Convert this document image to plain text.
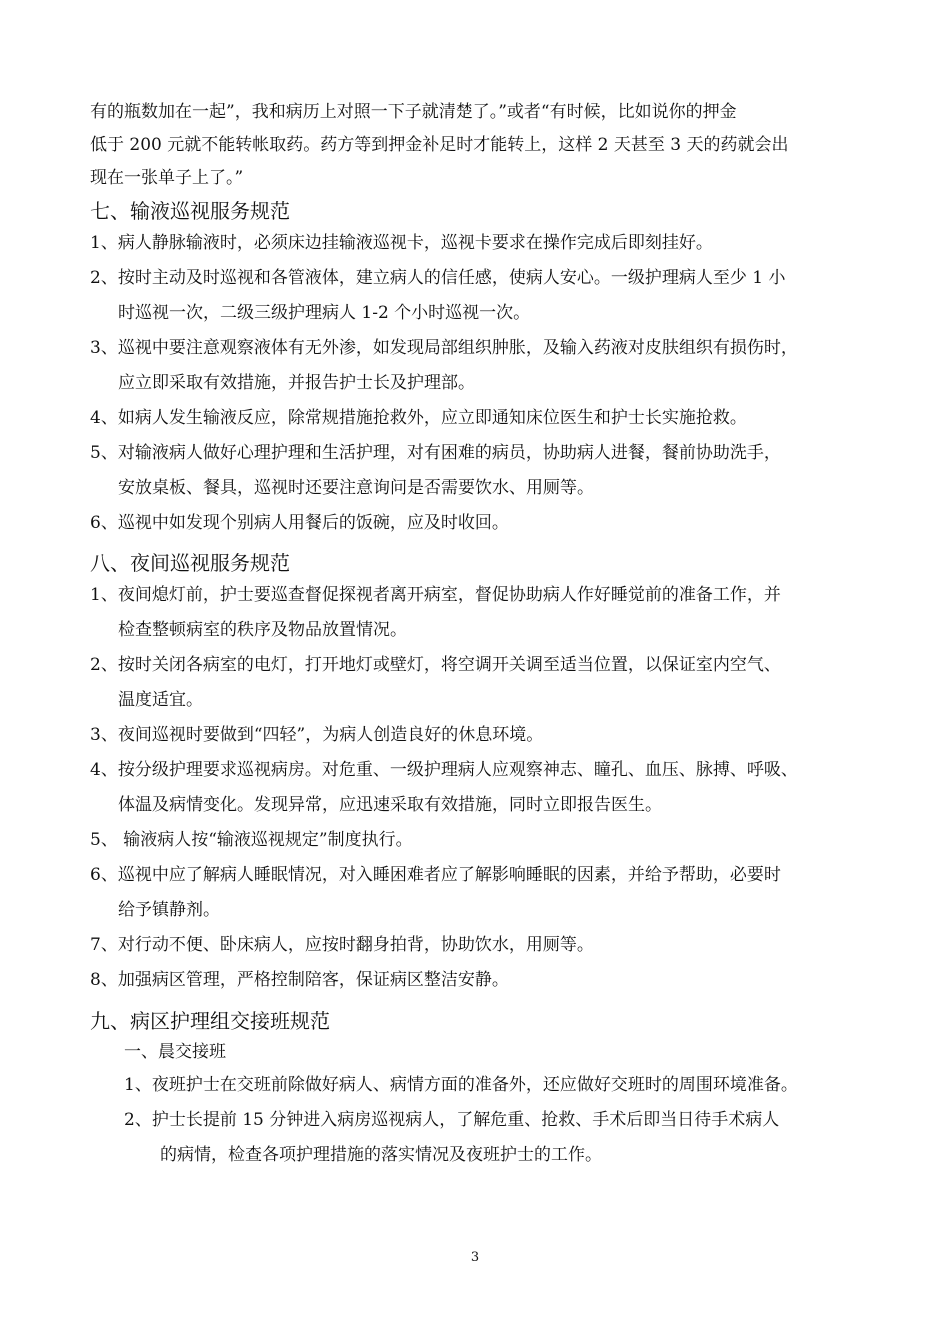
有的瓶数加在一起”，我和病历上对照一下子就清楚了。”或者“有时候，比如说你的押金
低于 200 元就不能转帐取药。药方等到押金补足时才能转上，这样 2 天甚至 3 天的药就会出
现在一张单子上了。”
七、输液巡视服务规范
1、病人静脉输液时，必须床边挂输液巡视卡，巡视卡要求在操作完成后即刻挂好。
2、按时主动及时巡视和各管液体，建立病人的信任感，使病人安心。一级护理病人至少 1 小
时巡视一次，二级三级护理病人 1-2 个小时巡视一次。
3、巡视中要注意观察液体有无外渗，如发现局部组织肿胀，及输入药液对皮肤组织有损伤时，
应立即采取有效措施，并报告护士长及护理部。
4、如病人发生输液反应，除常规措施抢救外，应立即通知床位医生和护士长实施抢救。
5、对输液病人做好心理护理和生活护理，对有困难的病员，协助病人进餐，餐前协助洗手，
安放桌板、餐具，巡视时还要注意询问是否需要饮水、用厕等。
6、巡视中如发现个别病人用餐后的饭碗，应及时收回。
八、夜间巡视服务规范
1、夜间熄灯前，护士要巡查督促探视者离开病室，督促协助病人作好睡觉前的准备工作，并
检查整顿病室的秩序及物品放置情况。
2、按时关闭各病室的电灯，打开地灯或壁灯，将空调开关调至适当位置，以保证室内空气、
温度适宜。
3、夜间巡视时要做到“四轻”，为病人创造良好的休息环境。
4、按分级护理要求巡视病房。对危重、一级护理病人应观察神志、瞳孔、血压、脉搏、呼吸、
体温及病情变化。发现异常，应迅速采取有效措施，同时立即报告医生。
5、 输液病人按“输液巡视规定”制度执行。
6、巡视中应了解病人睡眠情况，对入睡困难者应了解影响睡眠的因素，并给予帮助，必要时
给予镇静剂。
7、对行动不便、卧床病人，应按时翻身拍背，协助饮水，用厕等。
8、加强病区管理，严格控制陪客，保证病区整洁安静。
九、病区护理组交接班规范
一、晨交接班
1、夜班护士在交班前除做好病人、病情方面的准备外，还应做好交班时的周围环境准备。
2、护士长提前 15 分钟进入病房巡视病人，了解危重、抢救、手术后即当日待手术病人
的病情，检查各项护理措施的落实情况及夜班护士的工作。
3
